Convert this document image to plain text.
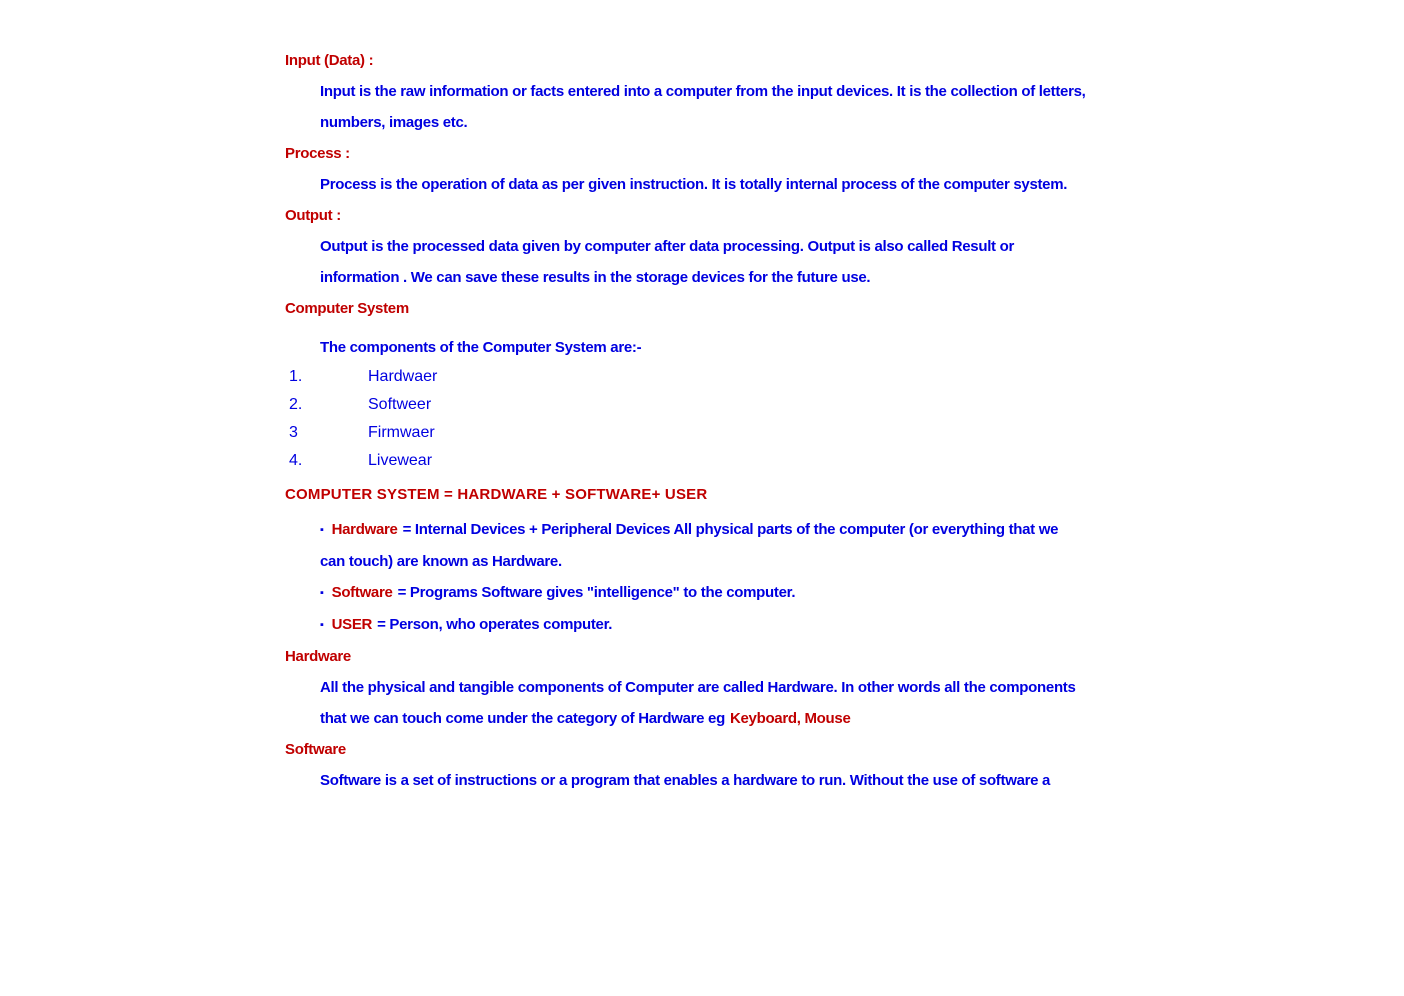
Input (Data) :
Input is the raw information or facts entered into a computer from the input devices. It is the collection of letters,
numbers, images etc.
Process :
Process is the operation of data as per given instruction. It is totally internal process of the computer system.
Output :
Output is the processed data given by computer after data processing. Output is also called Result or
information . We can save these results in the storage devices for the future use.
Computer System
The components of the Computer System are:-
1.	Hardwaer
2.	Softweer
3	Firmwaer
4.	Livewear
COMPUTER SYSTEM = HARDWARE + SOFTWARE+ USER
▪ Hardware = Internal Devices + Peripheral Devices All physical parts of the computer (or everything that we
can touch) are known as Hardware.
▪ Software = Programs Software gives "intelligence" to the computer.
▪ USER = Person, who operates computer.
Hardware
All the physical and tangible components of Computer are called Hardware. In other words all the components
that we can touch come under the category of Hardware eg Keyboard, Mouse
Software
Software is a set of instructions or a program that enables a hardware to run. Without the use of software a
